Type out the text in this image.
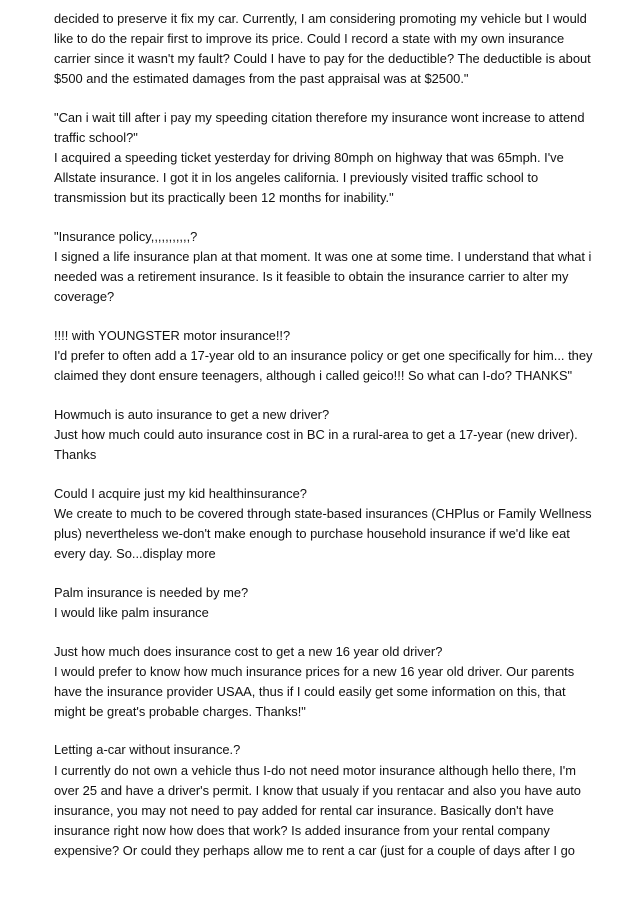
decided to preserve it fix my car. Currently, I am considering promoting my vehicle but I would like to do the repair first to improve its price. Could I record a state with my own insurance carrier since it wasn't my fault? Could I have to pay for the deductible? The deductible is about $500 and the estimated damages from the past appraisal was at $2500."

"Can i wait till after i pay my speeding citation therefore my insurance wont increase to attend traffic school?"

I acquired a speeding ticket yesterday for driving 80mph on highway that was 65mph. I've Allstate insurance. I got it in los angeles california. I previously visited traffic school to transmission but its practically been 12 months for inability."

"Insurance policy,,,,,,,,,,,?

I signed a life insurance plan at that moment. It was one at some time. I understand that what i needed was a retirement insurance. Is it feasible to obtain the insurance carrier to alter my coverage?

!!!! with YOUNGSTER motor insurance!!?

I'd prefer to often add a 17-year old to an insurance policy or get one specifically for him... they claimed they dont ensure teenagers, although i called geico!!! So what can I-do? THANKS"

Howmuch is auto insurance to get a new driver?

Just how much could auto insurance cost in BC in a rural-area to get a 17-year (new driver). Thanks

Could I acquire just my kid healthinsurance?

We create to much to be covered through state-based insurances (CHPlus or Family Wellness plus) nevertheless we-don't make enough to purchase household insurance if we'd like eat every day. So...display more

Palm insurance is needed by me?

I would like palm insurance

Just how much does insurance cost to get a new 16 year old driver?

I would prefer to know how much insurance prices for a new 16 year old driver. Our parents have the insurance provider USAA, thus if I could easily get some information on this, that might be great's probable charges. Thanks!"

Letting a-car without insurance.?

I currently do not own a vehicle thus I-do not need motor insurance although hello there, I'm over 25 and have a driver's permit. I know that usualy if you rentacar and also you have auto insurance, you may not need to pay added for rental car insurance. Basically don't have insurance right now how does that work? Is added insurance from your rental company expensive? Or could they perhaps allow me to rent a car (just for a couple of days after I go
